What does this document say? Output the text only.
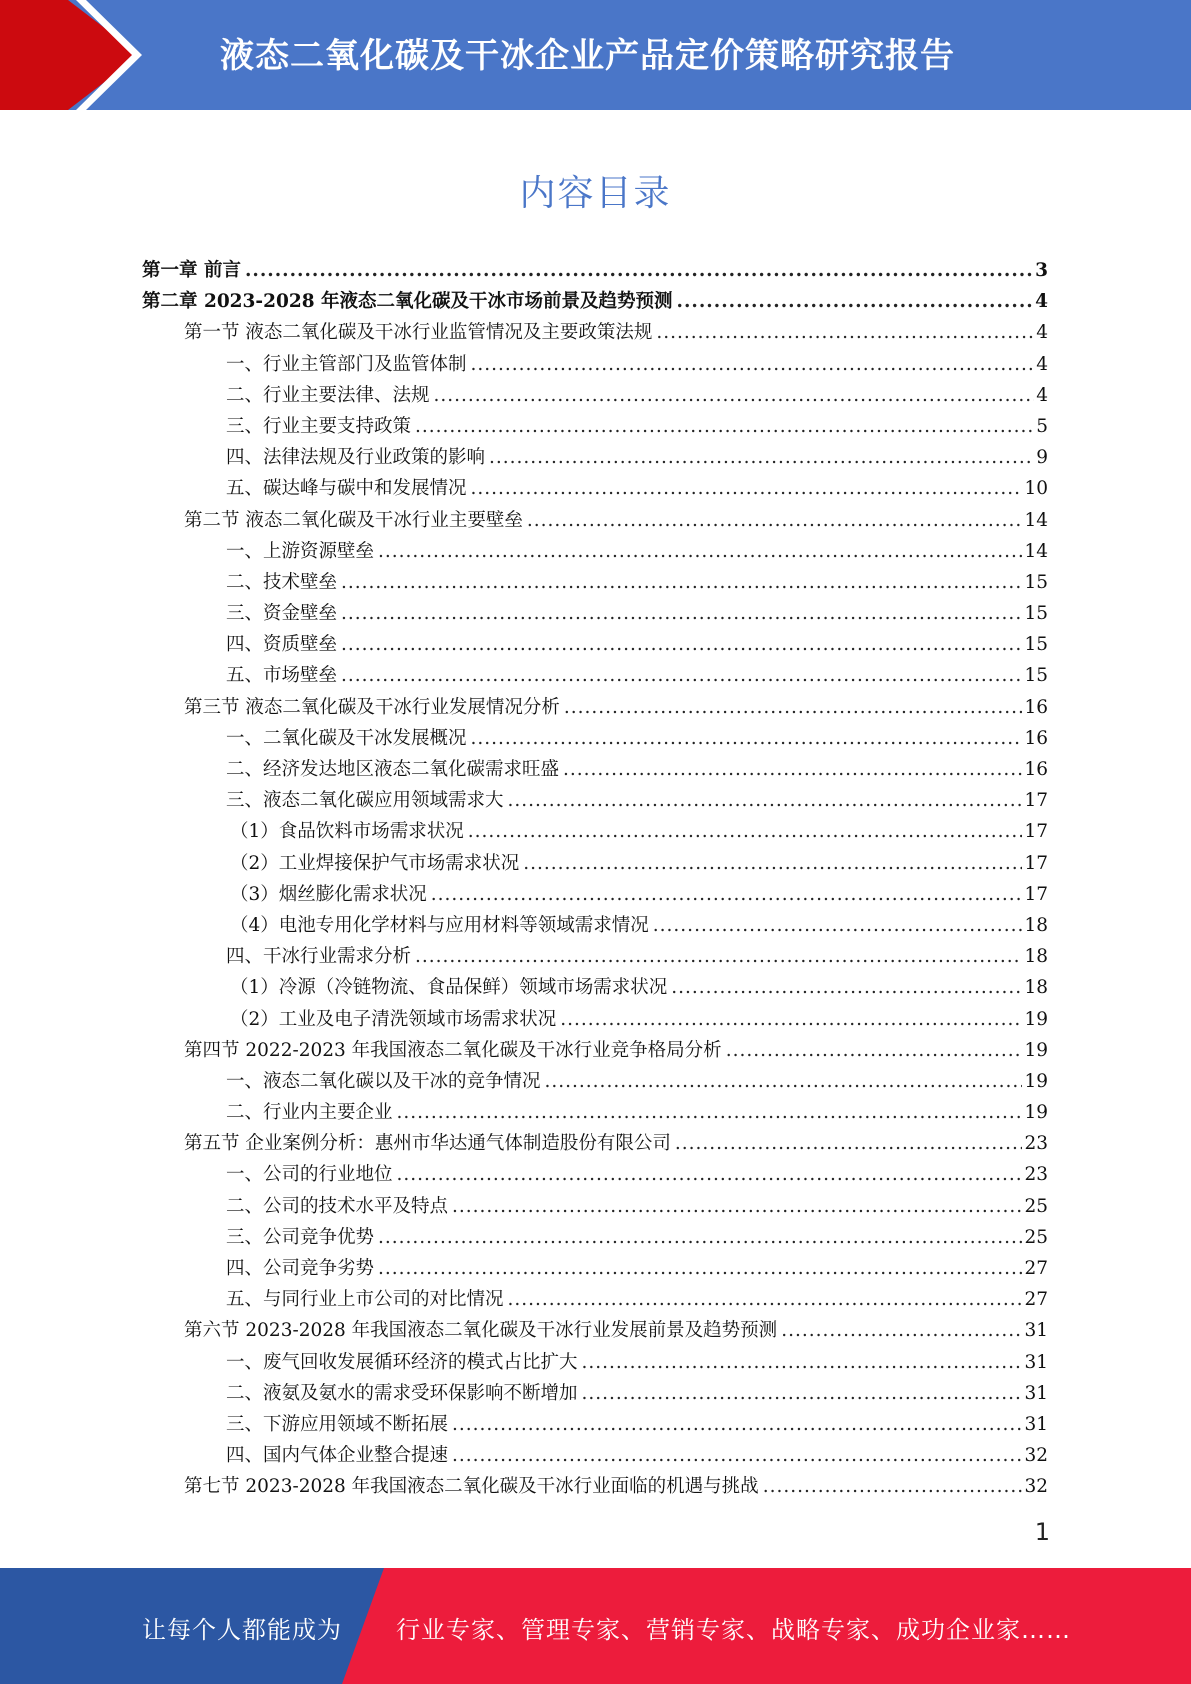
液态二氧化碳及干冰企业产品定价策略研究报告
内容目录
第一章 前言 .....	3
第二章 2023-2028 年液态二氧化碳及干冰市场前景及趋势预测 .....	4
第一节 液态二氧化碳及干冰行业监管情况及主要政策法规 .....	4
一、行业主管部门及监管体制 .....	4
二、行业主要法律、法规 .....	4
三、行业主要支持政策 .....	5
四、法律法规及行业政策的影响 .....	9
五、碳达峰与碳中和发展情况 .....	10
第二节 液态二氧化碳及干冰行业主要壁垒 .....	14
一、上游资源壁垒 .....	14
二、技术壁垒 .....	15
三、资金壁垒 .....	15
四、资质壁垒 .....	15
五、市场壁垒 .....	15
第三节 液态二氧化碳及干冰行业发展情况分析 .....	16
一、二氧化碳及干冰发展概况 .....	16
二、经济发达地区液态二氧化碳需求旺盛 .....	16
三、液态二氧化碳应用领域需求大 .....	17
（1）食品饮料市场需求状况 .....	17
（2）工业焊接保护气市场需求状况 .....	17
（3）烟丝膨化需求状况 .....	17
（4）电池专用化学材料与应用材料等领域需求情况 .....	18
四、干冰行业需求分析 .....	18
（1）冷源（冷链物流、食品保鲜）领域市场需求状况 .....	18
（2）工业及电子清洗领域市场需求状况 .....	19
第四节 2022-2023 年我国液态二氧化碳及干冰行业竞争格局分析 .....	19
一、液态二氧化碳以及干冰的竞争情况 .....	19
二、行业内主要企业 .....	19
第五节 企业案例分析：惠州市华达通气体制造股份有限公司 .....	23
一、公司的行业地位 .....	23
二、公司的技术水平及特点 .....	25
三、公司竞争优势 .....	25
四、公司竞争劣势 .....	27
五、与同行业上市公司的对比情况 .....	27
第六节 2023-2028 年我国液态二氧化碳及干冰行业发展前景及趋势预测 .....	31
一、废气回收发展循环经济的模式占比扩大 .....	31
二、液氨及氨水的需求受环保影响不断增加 .....	31
三、下游应用领域不断拓展 .....	31
四、国内气体企业整合提速 .....	32
第七节 2023-2028 年我国液态二氧化碳及干冰行业面临的机遇与挑战 .....	32
1
让每个人都能成为 行业专家、管理专家、营销专家、战略专家、成功企业家……
